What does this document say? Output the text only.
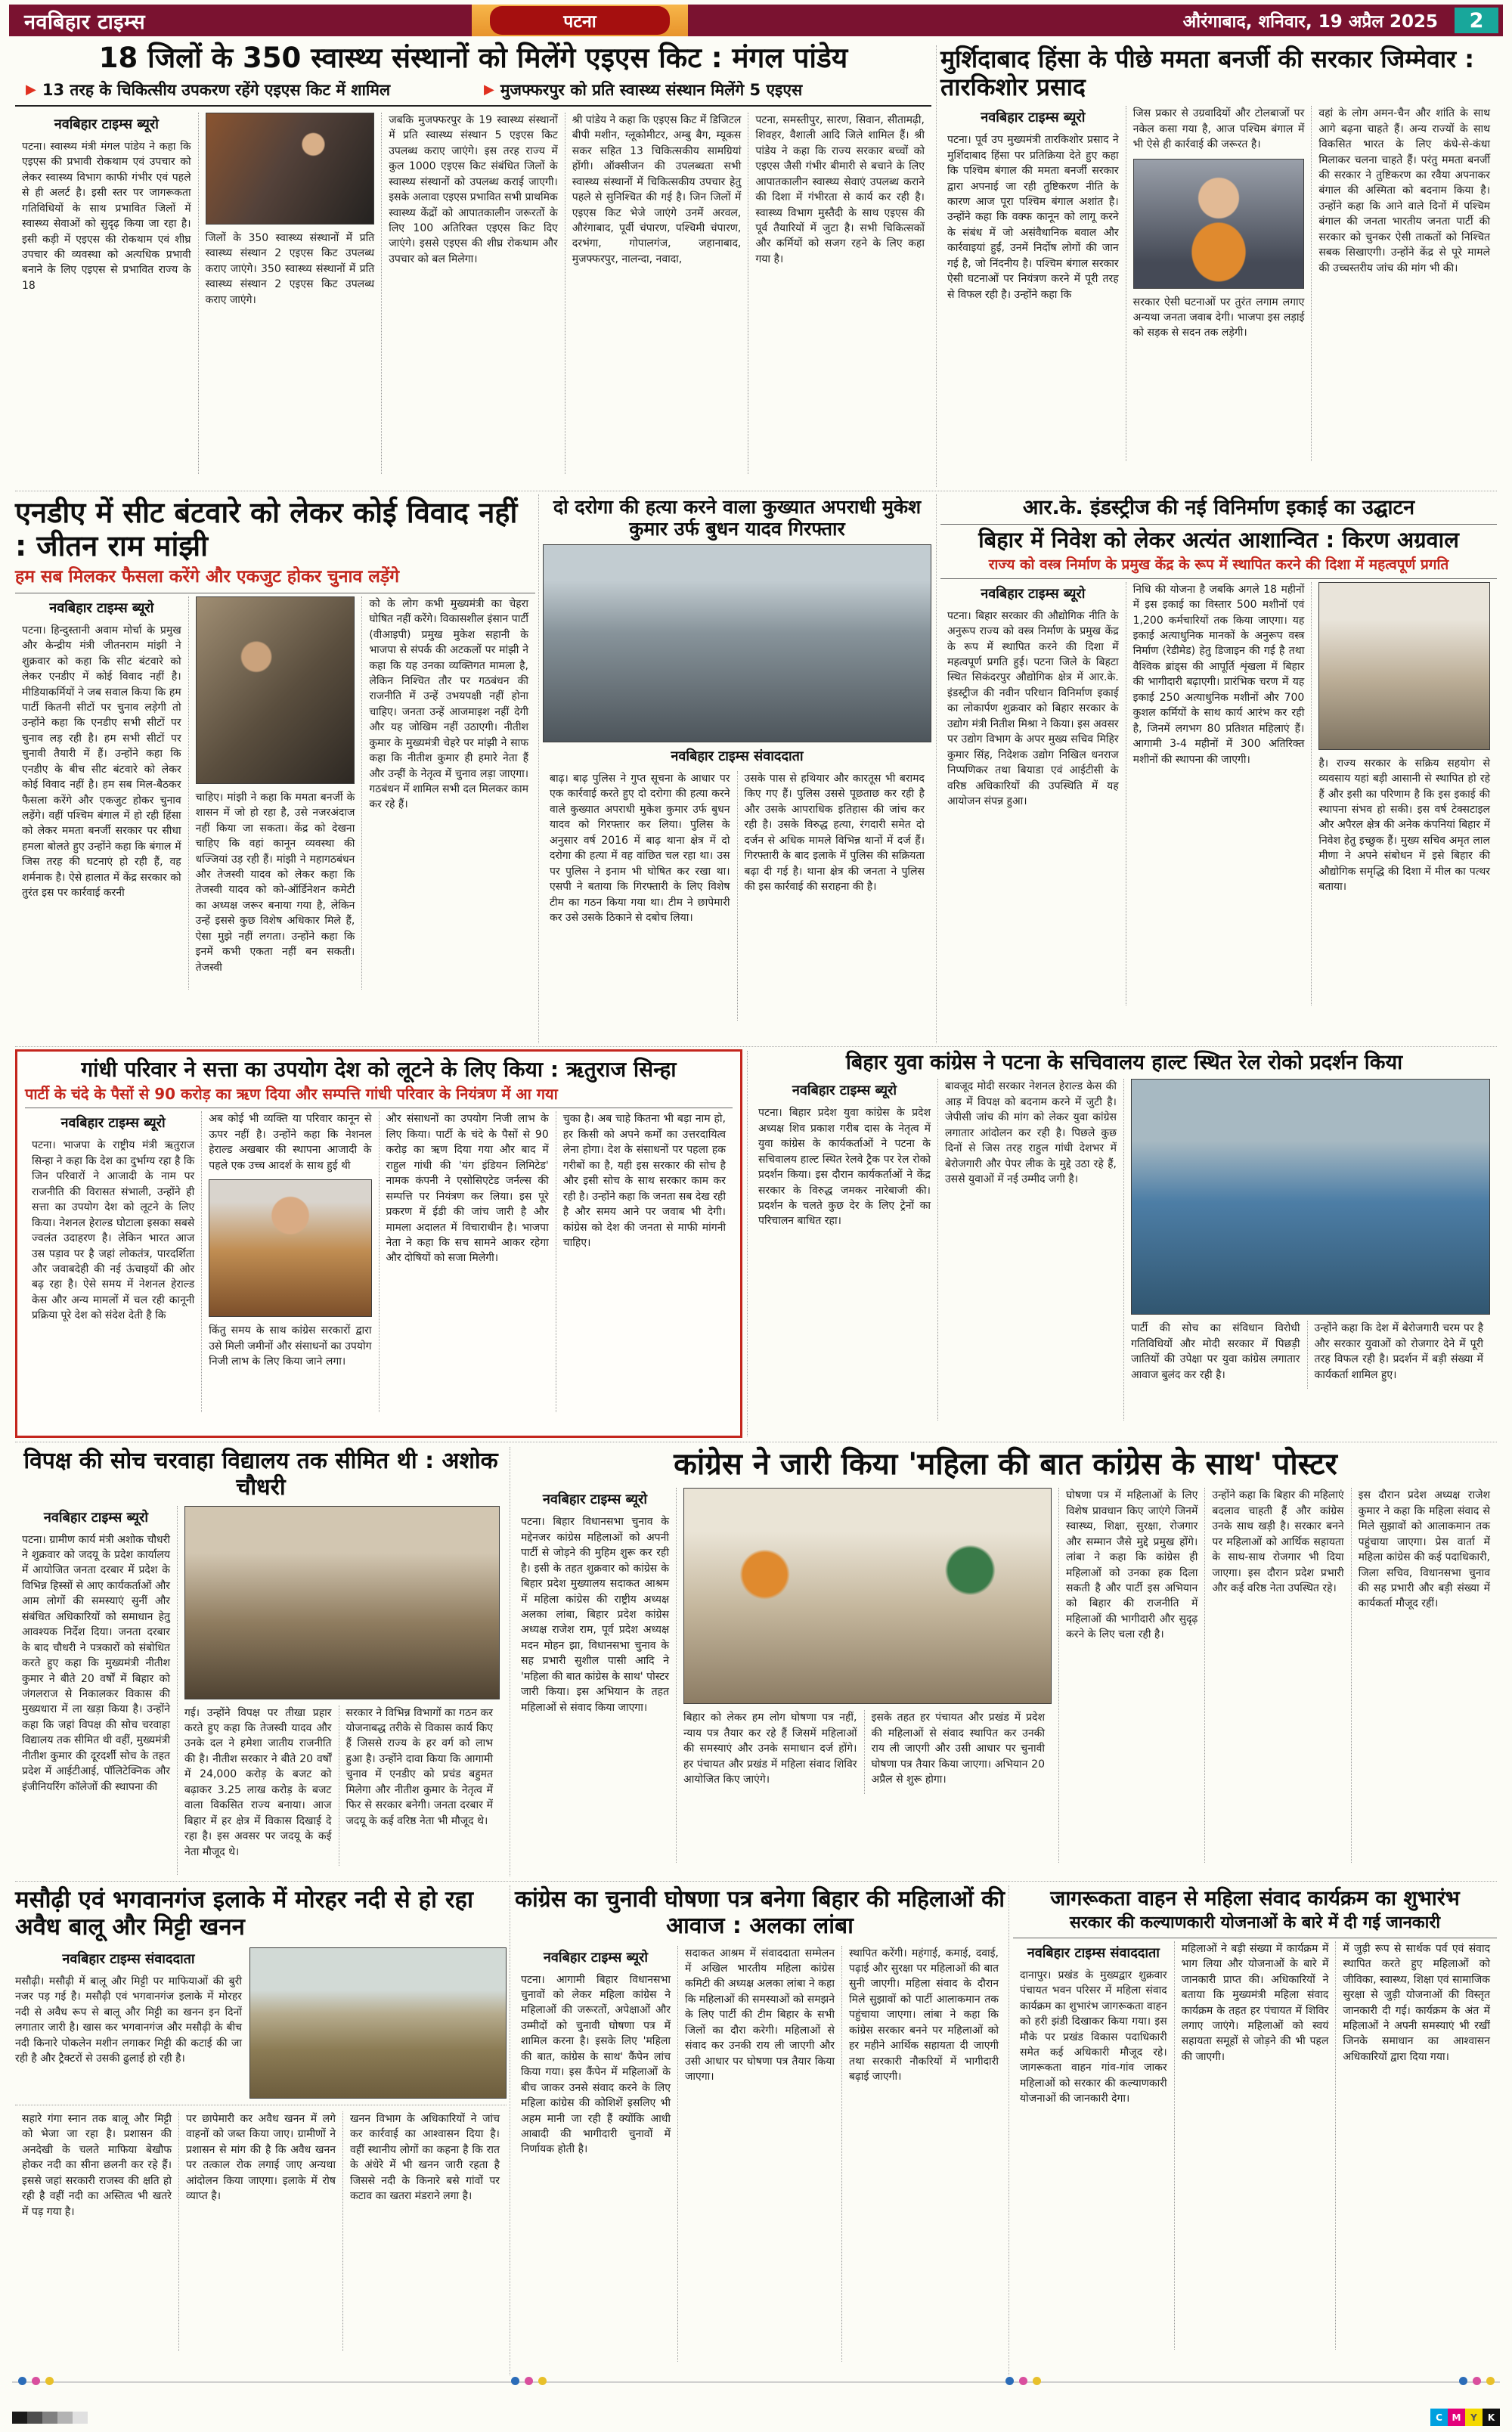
नवबिहार टाइम्स	पटना	औरंगाबाद, शनिवार, 19 अप्रैल 2025	2
18 जिलों के 350 स्वास्थ्य संस्थानों को मिलेंगे एइएस किट : मंगल पांडेय
▶ 13 तरह के चिकित्सीय उपकरण रहेंगे एइएस किट में शामिल	▶ मुजफ्फरपुर को प्रति स्वास्थ्य संस्थान मिलेंगे 5 एइएस
नवबिहार टाइम्स ब्यूरो

पटना। स्वास्थ्य मंत्री मंगल पांडेय ने कहा कि एइएस की प्रभावी रोकथाम एवं उपचार को लेकर स्वास्थ्य विभाग काफी गंभीर एवं पहले से ही अलर्ट है। इसी स्तर पर जागरूकता गतिविधियों के साथ प्रभावित जिलों में स्वास्थ्य सेवाओं को सुदृढ़ किया जा रहा है। इसी कड़ी में एइएस की रोकथाम एवं शीघ्र उपचार की व्यवस्था को अत्यधिक प्रभावी बनाने के लिए एइएस से प्रभावित राज्य के 18

जिलों के 350 स्वास्थ्य संस्थानों में प्रति स्वास्थ्य संस्थान 2 एइएस किट उपलब्ध कराए जाएंगे। 350 स्वास्थ्य संस्थानों में प्रति स्वास्थ्य संस्थान 2 एइएस किट उपलब्ध कराए जाएंगे।

जबकि मुजफ्फरपुर के 19 स्वास्थ्य संस्थानों में प्रति स्वास्थ्य संस्थान 5 एइएस किट उपलब्ध कराए जाएंगे। इस तरह राज्य में कुल 1000 एइएस किट संबंधित जिलों के स्वास्थ्य संस्थानों को उपलब्ध कराई जाएगी। इसके अलावा एइएस प्रभावित सभी प्राथमिक स्वास्थ्य केंद्रों को आपातकालीन जरूरतों के लिए 100 अतिरिक्त एइएस किट दिए जाएंगे। इससे एइएस की शीघ्र रोकथाम और उपचार को बल मिलेगा।

श्री पांडेय ने कहा कि एइएस किट में डिजिटल बीपी मशीन, ग्लूकोमीटर, अम्बु बैग, म्यूकस सकर सहित 13 चिकित्सकीय सामग्रियां होंगी। ऑक्सीजन की उपलब्धता सभी स्वास्थ्य संस्थानों में चिकित्सकीय उपचार हेतु पहले से सुनिश्चित की गई है। जिन जिलों में एइएस किट भेजे जाएंगे उनमें अरवल, औरंगाबाद, पूर्वी चंपारण, पश्चिमी चंपारण, दरभंगा, गोपालगंज, जहानाबाद, मुजफ्फरपुर, नालन्दा, नवादा,

पटना, समस्तीपुर, सारण, सिवान, सीतामढ़ी, शिवहर, वैशाली आदि जिले शामिल हैं। श्री पांडेय ने कहा कि राज्य सरकार बच्चों को एइएस जैसी गंभीर बीमारी से बचाने के लिए आपातकालीन स्वास्थ्य सेवाएं उपलब्ध कराने की दिशा में गंभीरता से कार्य कर रही है। स्वास्थ्य विभाग मुस्तैदी के साथ एइएस की पूर्व तैयारियों में जुटा है। सभी चिकित्सकों और कर्मियों को सजग रहने के लिए कहा गया है।

मुर्शिदाबाद हिंसा के पीछे ममता बनर्जी की सरकार जिम्मेवार : तारकिशोर प्रसाद
नवबिहार टाइम्स ब्यूरो

पटना। पूर्व उप मुख्यमंत्री तारकिशोर प्रसाद ने मुर्शिदाबाद हिंसा पर प्रतिक्रिया देते हुए कहा कि पश्चिम बंगाल की ममता बनर्जी सरकार द्वारा अपनाई जा रही तुष्टिकरण नीति के कारण आज पूरा पश्चिम बंगाल अशांत है। उन्होंने कहा कि वक्फ कानून को लागू करने के संबंध में जो असंवैधानिक बवाल और कार्रवाइयां हुईं, उनमें निर्दोष लोगों की जान गई है, जो निंदनीय है। पश्चिम बंगाल सरकार ऐसी घटनाओं पर नियंत्रण करने में पूरी तरह से विफल रही है। उन्होंने कहा कि

जिस प्रकार से उग्रवादियों और टोलबाजों पर नकेल कसा गया है, आज पश्चिम बंगाल में भी ऐसे ही कार्रवाई की जरूरत है।

सरकार ऐसी घटनाओं पर तुरंत लगाम लगाए अन्यथा जनता जवाब देगी। भाजपा इस लड़ाई को सड़क से सदन तक लड़ेगी।

वहां के लोग अमन-चैन और शांति के साथ आगे बढ़ना चाहते हैं। अन्य राज्यों के साथ विकसित भारत के लिए कंधे-से-कंधा मिलाकर चलना चाहते हैं। परंतु ममता बनर्जी की सरकार ने तुष्टिकरण का रवैया अपनाकर बंगाल की अस्मिता को बदनाम किया है। उन्होंने कहा कि आने वाले दिनों में पश्चिम बंगाल की जनता भारतीय जनता पार्टी की सरकार को चुनकर ऐसी ताकतों को निश्चित सबक सिखाएगी। उन्होंने केंद्र से पूरे मामले की उच्चस्तरीय जांच की मांग भी की।

एनडीए में सीट बंटवारे को लेकर कोई विवाद नहीं : जीतन राम मांझी
हम सब मिलकर फैसला करेंगे और एकजुट होकर चुनाव लड़ेंगे
नवबिहार टाइम्स ब्यूरो

पटना। हिन्दुस्तानी अवाम मोर्चा के प्रमुख और केन्द्रीय मंत्री जीतनराम मांझी ने शुक्रवार को कहा कि सीट बंटवारे को लेकर एनडीए में कोई विवाद नहीं है। मीडियाकर्मियों ने जब सवाल किया कि हम पार्टी कितनी सीटों पर चुनाव लड़ेगी तो उन्होंने कहा कि एनडीए सभी सीटों पर चुनाव लड़ रही है। हम सभी सीटों पर चुनावी तैयारी में हैं। उन्होंने कहा कि एनडीए के बीच सीट बंटवारे को लेकर कोई विवाद नहीं है। हम सब मिल-बैठकर फैसला करेंगे और एकजुट होकर चुनाव लड़ेंगे। वहीं पश्चिम बंगाल में हो रही हिंसा को लेकर ममता बनर्जी सरकार पर सीधा हमला बोलते हुए उन्होंने कहा कि बंगाल में जिस तरह की घटनाएं हो रही हैं, वह शर्मनाक है। ऐसे हालात में केंद्र सरकार को तुरंत इस पर कार्रवाई करनी

चाहिए। मांझी ने कहा कि ममता बनर्जी के शासन में जो हो रहा है, उसे नजरअंदाज नहीं किया जा सकता। केंद्र को देखना चाहिए कि वहां कानून व्यवस्था की धज्जियां उड़ रही हैं। मांझी ने महागठबंधन और तेजस्वी यादव को लेकर कहा कि तेजस्वी यादव को को-ऑर्डिनेशन कमेटी का अध्यक्ष जरूर बनाया गया है, लेकिन उन्हें इससे कुछ विशेष अधिकार मिले हैं, ऐसा मुझे नहीं लगता। उन्होंने कहा कि इनमें कभी एकता नहीं बन सकती। तेजस्वी

को के लोग कभी मुख्यमंत्री का चेहरा घोषित नहीं करेंगे। विकासशील इंसान पार्टी (वीआइपी) प्रमुख मुकेश सहानी के भाजपा से संपर्क की अटकलों पर मांझी ने कहा कि यह उनका व्यक्तिगत मामला है, लेकिन निश्चित तौर पर गठबंधन की राजनीति में उन्हें उभयपक्षी नहीं होना चाहिए। जनता उन्हें आजमाइश नहीं देगी और यह जोखिम नहीं उठाएगी। नीतीश कुमार के मुख्यमंत्री चेहरे पर मांझी ने साफ कहा कि नीतीश कुमार ही हमारे नेता हैं और उन्हीं के नेतृत्व में चुनाव लड़ा जाएगा। गठबंधन में शामिल सभी दल मिलकर काम कर रहे हैं।

दो दरोगा की हत्या करने वाला कुख्यात अपराधी मुकेश कुमार उर्फ बुधन यादव गिरफ्तार
नवबिहार टाइम्स संवाददाता

बाढ़। बाढ़ पुलिस ने गुप्त सूचना के आधार पर एक कार्रवाई करते हुए दो दरोगा की हत्या करने वाले कुख्यात अपराधी मुकेश कुमार उर्फ बुधन यादव को गिरफ्तार कर लिया। पुलिस के अनुसार वर्ष 2016 में बाढ़ थाना क्षेत्र में दो दरोगा की हत्या में वह वांछित चल रहा था। उस पर पुलिस ने इनाम भी घोषित कर रखा था। एसपी ने बताया कि गिरफ्तारी के लिए विशेष टीम का गठन किया गया था। टीम ने छापेमारी कर उसे उसके ठिकाने से दबोच लिया।

उसके पास से हथियार और कारतूस भी बरामद किए गए हैं। पुलिस उससे पूछताछ कर रही है और उसके आपराधिक इतिहास की जांच कर रही है। उसके विरुद्ध हत्या, रंगदारी समेत दो दर्जन से अधिक मामले विभिन्न थानों में दर्ज हैं। गिरफ्तारी के बाद इलाके में पुलिस की सक्रियता बढ़ा दी गई है। थाना क्षेत्र की जनता ने पुलिस की इस कार्रवाई की सराहना की है।

आर.के. इंडस्ट्रीज की नई विनिर्माण इकाई का उद्घाटन
बिहार में निवेश को लेकर अत्यंत आशान्वित : किरण अग्रवाल
राज्य को वस्त्र निर्माण के प्रमुख केंद्र के रूप में स्थापित करने की दिशा में महत्वपूर्ण प्रगति
नवबिहार टाइम्स ब्यूरो

पटना। बिहार सरकार की औद्योगिक नीति के अनुरूप राज्य को वस्त्र निर्माण के प्रमुख केंद्र के रूप में स्थापित करने की दिशा में महत्वपूर्ण प्रगति हुई। पटना जिले के बिहटा स्थित सिकंदरपुर औद्योगिक क्षेत्र में आर.के. इंडस्ट्रीज की नवीन परिधान विनिर्माण इकाई का लोकार्पण शुक्रवार को बिहार सरकार के उद्योग मंत्री नितीश मिश्रा ने किया। इस अवसर पर उद्योग विभाग के अपर मुख्य सचिव मिहिर कुमार सिंह, निदेशक उद्योग निखिल धनराज निप्पणिकर तथा बियाडा एवं आईटीसी के वरिष्ठ अधिकारियों की उपस्थिति में यह आयोजन संपन्न हुआ।

निधि की योजना है जबकि अगले 18 महीनों में इस इकाई का विस्तार 500 मशीनों एवं 1,200 कर्मचारियों तक किया जाएगा। यह इकाई अत्याधुनिक मानकों के अनुरूप वस्त्र निर्माण (रेडीमेड) हेतु डिजाइन की गई है तथा वैश्विक ब्रांड्स की आपूर्ति शृंखला में बिहार की भागीदारी बढ़ाएगी। प्रारंभिक चरण में यह इकाई 250 अत्याधुनिक मशीनों और 700 कुशल कर्मियों के साथ कार्य आरंभ कर रही है, जिनमें लगभग 80 प्रतिशत महिलाएं हैं। आगामी 3-4 महीनों में 300 अतिरिक्त मशीनों की स्थापना की जाएगी।	है। राज्य सरकार के सक्रिय सहयोग से व्यवसाय यहां बड़ी आसानी से स्थापित हो रहे हैं और इसी का परिणाम है कि इस इकाई की स्थापना संभव हो सकी। इस वर्ष टेक्सटाइल और अपैरल क्षेत्र की अनेक कंपनियां बिहार में निवेश हेतु इच्छुक हैं। मुख्य सचिव अमृत लाल मीणा ने अपने संबोधन में इसे बिहार की औद्योगिक समृद्धि की दिशा में मील का पत्थर बताया।

गांधी परिवार ने सत्ता का उपयोग देश को लूटने के लिए किया : ऋतुराज सिन्हा
पार्टी के चंदे के पैसों से 90 करोड़ का ऋण दिया और सम्पत्ति गांधी परिवार के नियंत्रण में आ गया
नवबिहार टाइम्स ब्यूरो

पटना। भाजपा के राष्ट्रीय मंत्री ऋतुराज सिन्हा ने कहा कि देश का दुर्भाग्य रहा है कि जिन परिवारों ने आजादी के नाम पर राजनीति की विरासत संभाली, उन्होंने ही सत्ता का उपयोग देश को लूटने के लिए किया। नेशनल हेराल्ड घोटाला इसका सबसे ज्वलंत उदाहरण है। लेकिन भारत आज उस पड़ाव पर है जहां लोकतंत्र, पारदर्शिता और जवाबदेही की नई ऊंचाइयों की ओर बढ़ रहा है। ऐसे समय में नेशनल हेराल्ड केस और अन्य मामलों में चल रही कानूनी प्रक्रिया पूरे देश को संदेश देती है कि

अब कोई भी व्यक्ति या परिवार कानून से ऊपर नहीं है। उन्होंने कहा कि नेशनल हेराल्ड अखबार की स्थापना आजादी के पहले एक उच्च आदर्श के साथ हुई थी

किंतु समय के साथ कांग्रेस सरकारों द्वारा उसे मिली जमीनों और संसाधनों का उपयोग निजी लाभ के लिए किया जाने लगा।

और संसाधनों का उपयोग निजी लाभ के लिए किया। पार्टी के चंदे के पैसों से 90 करोड़ का ऋण दिया गया और बाद में राहुल गांधी की 'यंग इंडियन लिमिटेड' नामक कंपनी ने एसोसिएटेड जर्नल्स की सम्पत्ति पर नियंत्रण कर लिया। इस पूरे प्रकरण में ईडी की जांच जारी है और मामला अदालत में विचाराधीन है। भाजपा नेता ने कहा कि सच सामने आकर रहेगा और दोषियों को सजा मिलेगी।

चुका है। अब चाहे कितना भी बड़ा नाम हो, हर किसी को अपने कर्मों का उत्तरदायित्व लेना होगा। देश के संसाधनों पर पहला हक गरीबों का है, यही इस सरकार की सोच है और इसी सोच के साथ सरकार काम कर रही है। उन्होंने कहा कि जनता सब देख रही है और समय आने पर जवाब भी देगी। कांग्रेस को देश की जनता से माफी मांगनी चाहिए।

बिहार युवा कांग्रेस ने पटना के सचिवालय हाल्ट स्थित रेल रोको प्रदर्शन किया
नवबिहार टाइम्स ब्यूरो

पटना। बिहार प्रदेश युवा कांग्रेस के प्रदेश अध्यक्ष शिव प्रकाश गरीब दास के नेतृत्व में युवा कांग्रेस के कार्यकर्ताओं ने पटना के सचिवालय हाल्ट स्थित रेलवे ट्रैक पर रेल रोको प्रदर्शन किया। इस दौरान कार्यकर्ताओं ने केंद्र सरकार के विरुद्ध जमकर नारेबाजी की। प्रदर्शन के चलते कुछ देर के लिए ट्रेनों का परिचालन बाधित रहा।

बावजूद मोदी सरकार नेशनल हेराल्ड केस की आड़ में विपक्ष को बदनाम करने में जुटी है। जेपीसी जांच की मांग को लेकर युवा कांग्रेस लगातार आंदोलन कर रही है। पिछले कुछ दिनों से जिस तरह राहुल गांधी देशभर में बेरोजगारी और पेपर लीक के मुद्दे उठा रहे हैं, उससे युवाओं में नई उम्मीद जगी है।

पार्टी की सोच का संविधान विरोधी गतिविधियों और मोदी सरकार में पिछड़ी जातियों की उपेक्षा पर युवा कांग्रेस लगातार आवाज बुलंद कर रही है।

उन्होंने कहा कि देश में बेरोजगारी चरम पर है और सरकार युवाओं को रोजगार देने में पूरी तरह विफल रही है। प्रदर्शन में बड़ी संख्या में कार्यकर्ता शामिल हुए।

विपक्ष की सोच चरवाहा विद्यालय तक सीमित थी : अशोक चौधरी
नवबिहार टाइम्स ब्यूरो

पटना। ग्रामीण कार्य मंत्री अशोक चौधरी ने शुक्रवार को जदयू के प्रदेश कार्यालय में आयोजित जनता दरबार में प्रदेश के विभिन्न हिस्सों से आए कार्यकर्ताओं और आम लोगों की समस्याएं सुनीं और संबंधित अधिकारियों को समाधान हेतु आवश्यक निर्देश दिया। जनता दरबार के बाद चौधरी ने पत्रकारों को संबोधित करते हुए कहा कि मुख्यमंत्री नीतीश कुमार ने बीते 20 वर्षों में बिहार को जंगलराज से निकालकर विकास की मुख्यधारा में ला खड़ा किया है। उन्होंने कहा कि जहां विपक्ष की सोच चरवाहा विद्यालय तक सीमित थी वहीं, मुख्यमंत्री नीतीश कुमार की दूरदर्शी सोच के तहत प्रदेश में आईटीआई, पॉलिटेक्निक और इंजीनियरिंग कॉलेजों की स्थापना की

गई। उन्होंने विपक्ष पर तीखा प्रहार करते हुए कहा कि तेजस्वी यादव और उनके दल ने हमेशा जातीय राजनीति की है। नीतीश सरकार ने बीते 20 वर्षों में 24,000 करोड़ के बजट को बढ़ाकर 3.25 लाख करोड़ के बजट वाला विकसित राज्य बनाया। आज बिहार में हर क्षेत्र में विकास दिखाई दे रहा है। इस अवसर पर जदयू के कई नेता मौजूद थे।

सरकार ने विभिन्न विभागों का गठन कर योजनाबद्ध तरीके से विकास कार्य किए हैं जिससे राज्य के हर वर्ग को लाभ हुआ है। उन्होंने दावा किया कि आगामी चुनाव में एनडीए को प्रचंड बहुमत मिलेगा और नीतीश कुमार के नेतृत्व में फिर से सरकार बनेगी। जनता दरबार में जदयू के कई वरिष्ठ नेता भी मौजूद थे।

कांग्रेस ने जारी किया 'महिला की बात कांग्रेस के साथ' पोस्टर
नवबिहार टाइम्स ब्यूरो

पटना। बिहार विधानसभा चुनाव के मद्देनजर कांग्रेस महिलाओं को अपनी पार्टी से जोड़ने की मुहिम शुरू कर रही है। इसी के तहत शुक्रवार को कांग्रेस के बिहार प्रदेश मुख्यालय सदाकत आश्रम में महिला कांग्रेस की राष्ट्रीय अध्यक्ष अलका लांबा, बिहार प्रदेश कांग्रेस अध्यक्ष राजेश राम, पूर्व प्रदेश अध्यक्ष मदन मोहन झा, विधानसभा चुनाव के सह प्रभारी सुशील पासी आदि ने 'महिला की बात कांग्रेस के साथ' पोस्टर जारी किया। इस अभियान के तहत महिलाओं से संवाद किया जाएगा।

बिहार को लेकर हम लोग घोषणा पत्र नहीं, न्याय पत्र तैयार कर रहे हैं जिसमें महिलाओं की समस्याएं और उनके समाधान दर्ज होंगे। हर पंचायत और प्रखंड में महिला संवाद शिविर आयोजित किए जाएंगे।

इसके तहत हर पंचायत और प्रखंड में प्रदेश की महिलाओं से संवाद स्थापित कर उनकी राय ली जाएगी और उसी आधार पर चुनावी घोषणा पत्र तैयार किया जाएगा। अभियान 20 अप्रैल से शुरू होगा।

घोषणा पत्र में महिलाओं के लिए विशेष प्रावधान किए जाएंगे जिनमें स्वास्थ्य, शिक्षा, सुरक्षा, रोजगार और सम्मान जैसे मुद्दे प्रमुख होंगे। लांबा ने कहा कि कांग्रेस ही महिलाओं को उनका हक दिला सकती है और पार्टी इस अभियान को बिहार की राजनीति में महिलाओं की भागीदारी और सुदृढ़ करने के लिए चला रही है।

उन्होंने कहा कि बिहार की महिलाएं बदलाव चाहती हैं और कांग्रेस उनके साथ खड़ी है। सरकार बनने पर महिलाओं को आर्थिक सहायता के साथ-साथ रोजगार भी दिया जाएगा। इस दौरान प्रदेश प्रभारी और कई वरिष्ठ नेता उपस्थित रहे।

इस दौरान प्रदेश अध्यक्ष राजेश कुमार ने कहा कि महिला संवाद से मिले सुझावों को आलाकमान तक पहुंचाया जाएगा। प्रेस वार्ता में महिला कांग्रेस की कई पदाधिकारी, जिला सचिव, विधानसभा चुनाव की सह प्रभारी और बड़ी संख्या में कार्यकर्ता मौजूद रहीं।

मसौढ़ी एवं भगवानगंज इलाके में मोरहर नदी से हो रहा अवैध बालू और मिट्टी खनन
नवबिहार टाइम्स संवाददाता

मसौढ़ी। मसौढ़ी में बालू और मिट्टी पर माफियाओं की बुरी नजर पड़ गई है। मसौढ़ी एवं भगवानगंज इलाके में मोरहर नदी से अवैध रूप से बालू और मिट्टी का खनन इन दिनों लगातार जारी है। खास कर भगवानगंज और मसौढ़ी के बीच नदी किनारे पोकलेन मशीन लगाकर मिट्टी की कटाई की जा रही है और ट्रैक्टरों से उसकी ढुलाई हो रही है।

सहारे गंगा स्नान तक बालू और मिट्टी को भेजा जा रहा है। प्रशासन की अनदेखी के चलते माफिया बेखौफ होकर नदी का सीना छलनी कर रहे हैं। इससे जहां सरकारी राजस्व की क्षति हो रही है वहीं नदी का अस्तित्व भी खतरे में पड़ गया है।

पर छापेमारी कर अवैध खनन में लगे वाहनों को जब्त किया जाए। ग्रामीणों ने प्रशासन से मांग की है कि अवैध खनन पर तत्काल रोक लगाई जाए अन्यथा आंदोलन किया जाएगा। इलाके में रोष व्याप्त है।

खनन विभाग के अधिकारियों ने जांच कर कार्रवाई का आश्वासन दिया है। वहीं स्थानीय लोगों का कहना है कि रात के अंधेरे में भी खनन जारी रहता है जिससे नदी के किनारे बसे गांवों पर कटाव का खतरा मंडराने लगा है।

कांग्रेस का चुनावी घोषणा पत्र बनेगा बिहार की महिलाओं की आवाज : अलका लांबा
नवबिहार टाइम्स ब्यूरो

पटना। आगामी बिहार विधानसभा चुनावों को लेकर महिला कांग्रेस ने महिलाओं की जरूरतों, अपेक्षाओं और उम्मीदों को चुनावी घोषणा पत्र में शामिल करना है। इसके लिए 'महिला की बात, कांग्रेस के साथ' कैंपेन लांच किया गया। इस कैंपेन में महिलाओं के बीच जाकर उनसे संवाद करने के लिए महिला कांग्रेस की कोशिशें इसलिए भी अहम मानी जा रही हैं क्योंकि आधी आबादी की भागीदारी चुनावों में निर्णायक होती है।

सदाकत आश्रम में संवाददाता सम्मेलन में अखिल भारतीय महिला कांग्रेस कमिटी की अध्यक्ष अलका लांबा ने कहा कि महिलाओं की समस्याओं को समझने के लिए पार्टी की टीम बिहार के सभी जिलों का दौरा करेगी। महिलाओं से संवाद कर उनकी राय ली जाएगी और उसी आधार पर घोषणा पत्र तैयार किया जाएगा।

स्थापित करेंगी। महंगाई, कमाई, दवाई, पढ़ाई और सुरक्षा पर महिलाओं की बात सुनी जाएगी। महिला संवाद के दौरान मिले सुझावों को पार्टी आलाकमान तक पहुंचाया जाएगा। लांबा ने कहा कि कांग्रेस सरकार बनने पर महिलाओं को हर महीने आर्थिक सहायता दी जाएगी तथा सरकारी नौकरियों में भागीदारी बढ़ाई जाएगी।

जागरूकता वाहन से महिला संवाद कार्यक्रम का शुभारंभ
सरकार की कल्याणकारी योजनाओं के बारे में दी गई जानकारी
नवबिहार टाइम्स संवाददाता

दानापुर। प्रखंड के मुख्यद्वार शुक्रवार पंचायत भवन परिसर में महिला संवाद कार्यक्रम का शुभारंभ जागरूकता वाहन को हरी झंडी दिखाकर किया गया। इस मौके पर प्रखंड विकास पदाधिकारी समेत कई अधिकारी मौजूद रहे। जागरूकता वाहन गांव-गांव जाकर महिलाओं को सरकार की कल्याणकारी योजनाओं की जानकारी देगा।

महिलाओं ने बड़ी संख्या में कार्यक्रम में भाग लिया और योजनाओं के बारे में जानकारी प्राप्त की। अधिकारियों ने बताया कि मुख्यमंत्री महिला संवाद कार्यक्रम के तहत हर पंचायत में शिविर लगाए जाएंगे। महिलाओं को स्वयं सहायता समूहों से जोड़ने की भी पहल की जाएगी।

में जुड़ी रूप से सार्थक पर्व एवं संवाद स्थापित करते हुए महिलाओं को जीविका, स्वास्थ्य, शिक्षा एवं सामाजिक सुरक्षा से जुड़ी योजनाओं की विस्तृत जानकारी दी गई। कार्यक्रम के अंत में महिलाओं ने अपनी समस्याएं भी रखीं जिनके समाधान का आश्वासन अधिकारियों द्वारा दिया गया।

C	M	Y	K
